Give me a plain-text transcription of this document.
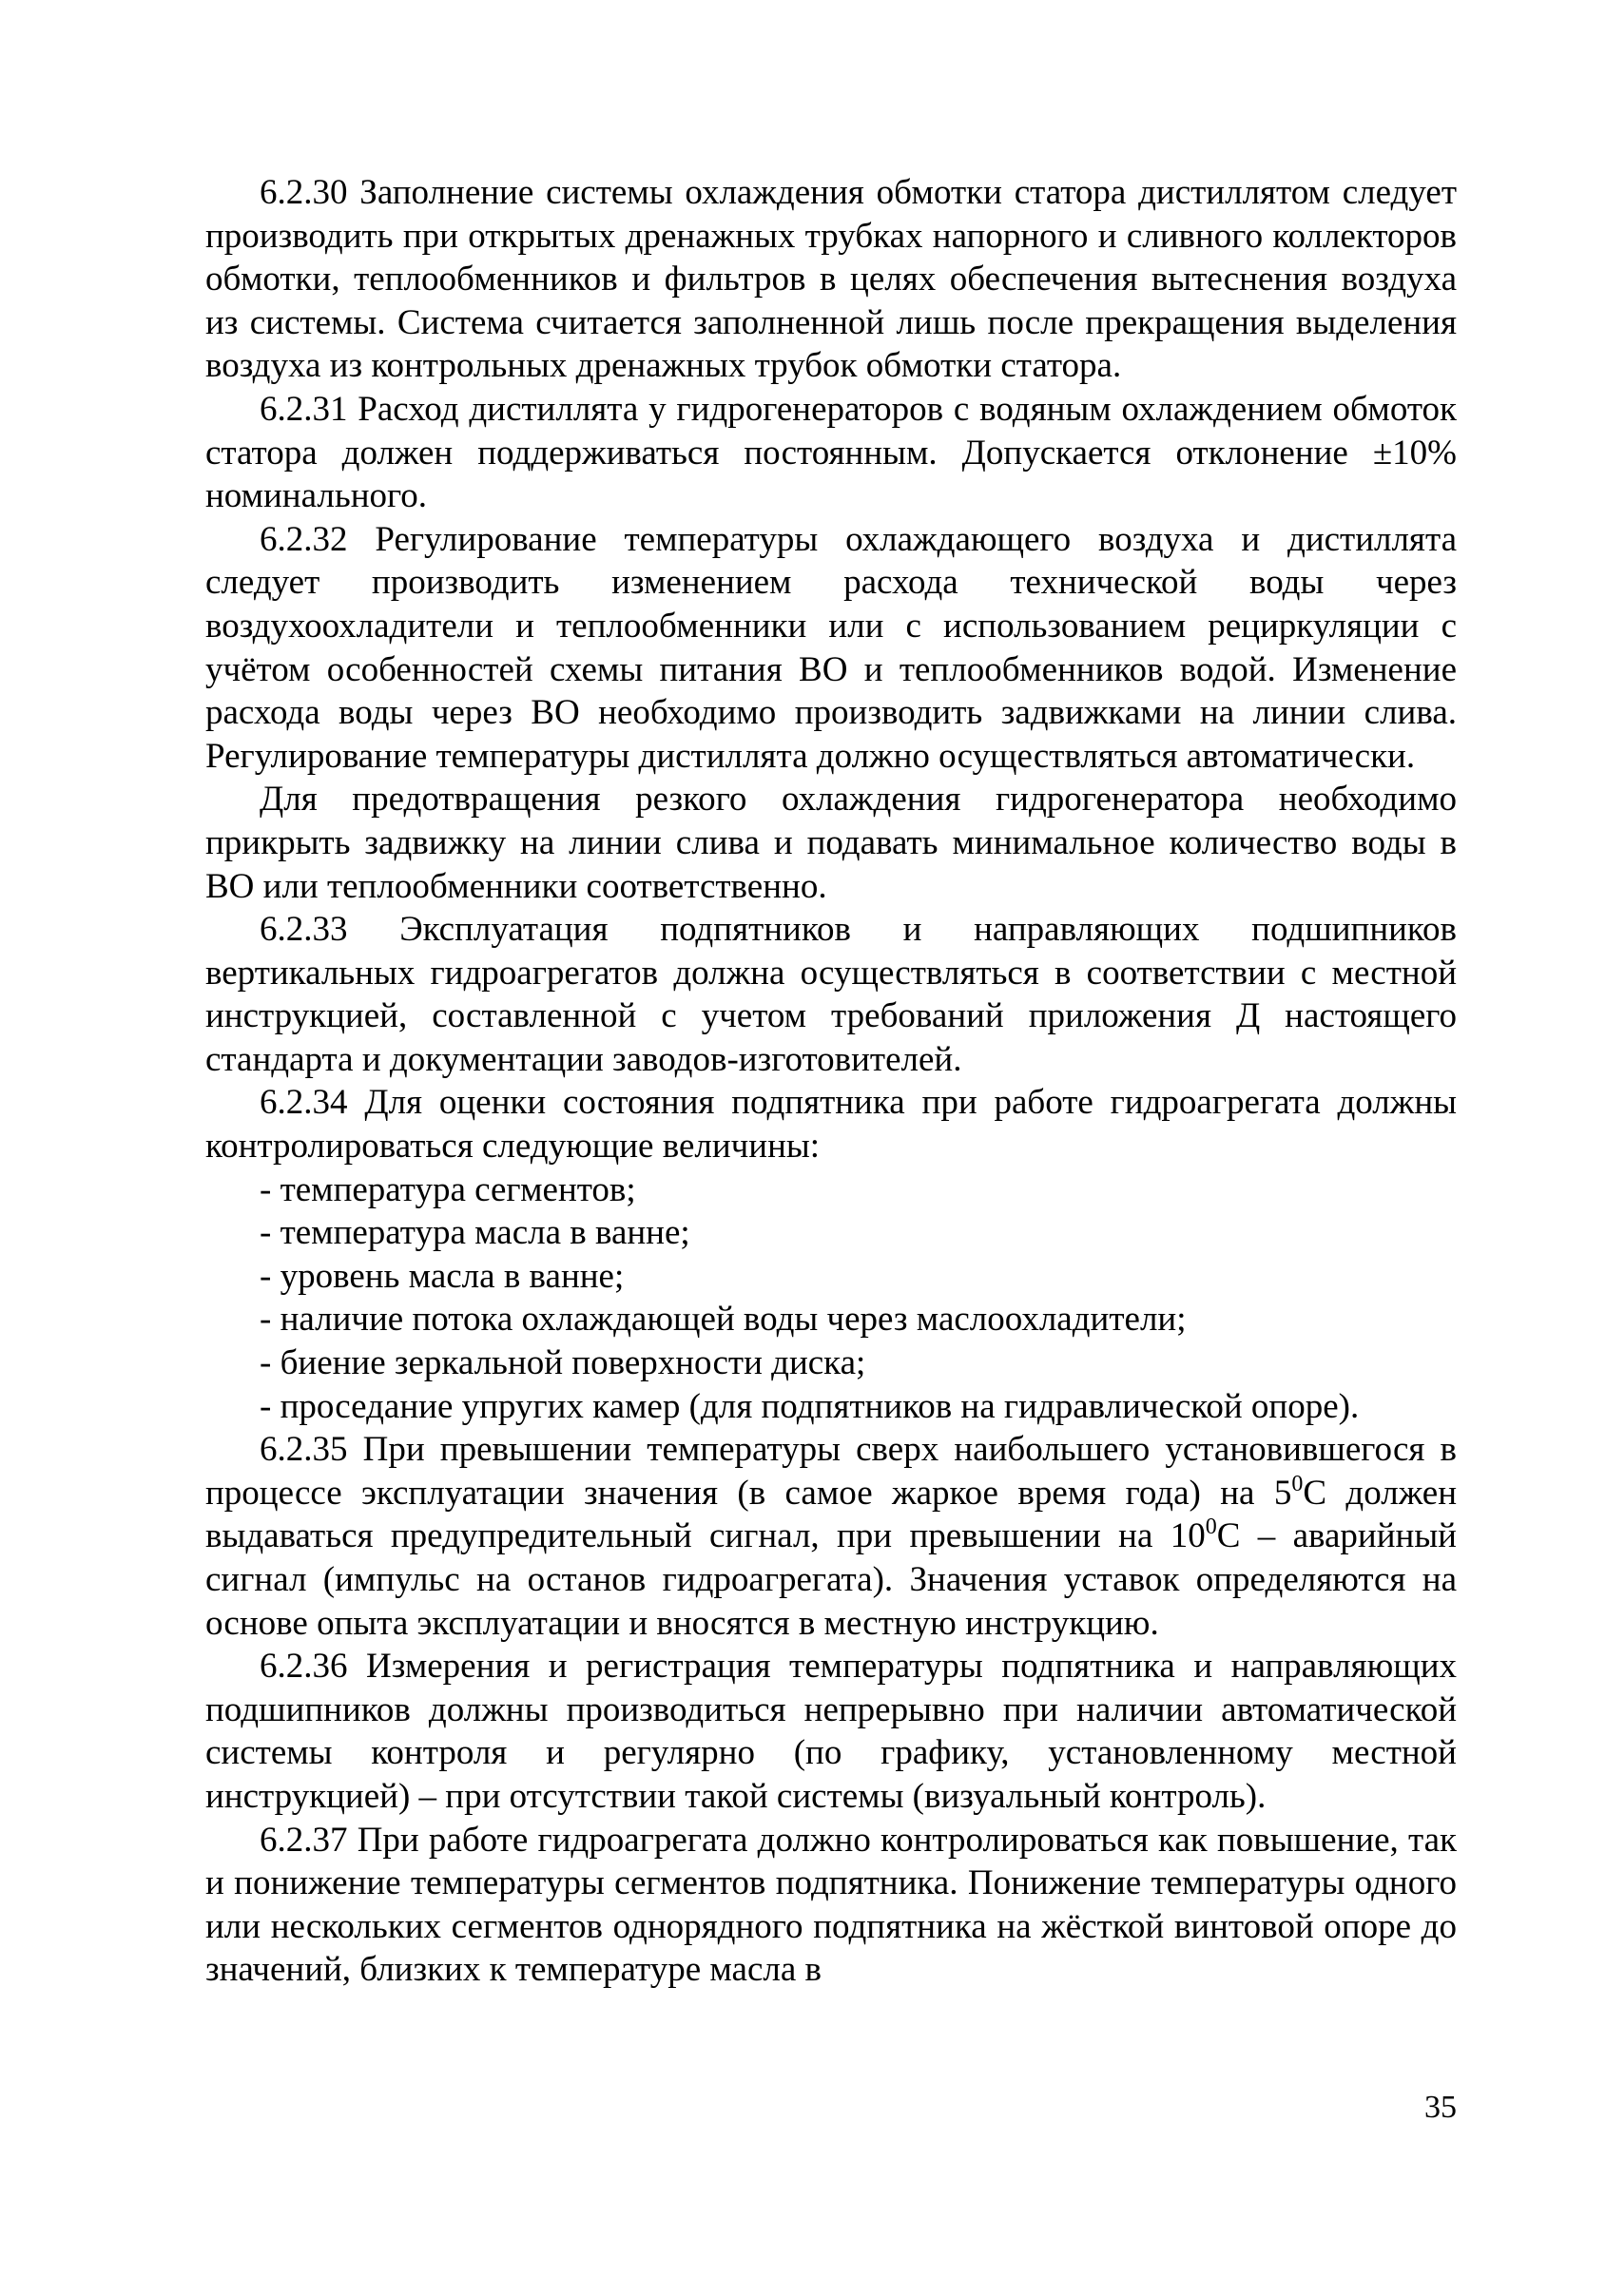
6.2.30 Заполнение системы охлаждения обмотки статора дистиллятом следует производить при открытых дренажных трубках напорного и сливного коллекторов обмотки, теплообменников и фильтров в целях обеспечения вытеснения воздуха из системы. Система считается заполненной лишь после прекращения выделения воздуха из контрольных дренажных трубок обмотки статора.

6.2.31 Расход дистиллята у гидрогенераторов с водяным охлаждением обмоток статора должен поддерживаться постоянным. Допускается отклонение ±10% номинального.

6.2.32 Регулирование температуры охлаждающего воздуха и дистиллята следует производить изменением расхода технической воды через воздухоохладители и теплообменники или с использованием рециркуляции с учётом особенностей схемы питания ВО и теплообменников водой. Изменение расхода воды через ВО необходимо производить задвижками на линии слива. Регулирование температуры дистиллята должно осуществляться автоматически.

Для предотвращения резкого охлаждения гидрогенератора необходимо прикрыть задвижку на линии слива и подавать минимальное количество воды в ВО или теплообменники соответственно.

6.2.33 Эксплуатация подпятников и направляющих подшипников вертикальных гидроагрегатов должна осуществляться в соответствии с местной инструкцией, составленной с учетом требований приложения Д настоящего стандарта и документации заводов-изготовителей.

6.2.34 Для оценки состояния подпятника при работе гидроагрегата должны контролироваться следующие величины:

- температура сегментов;
- температура масла в ванне;
- уровень масла в ванне;
- наличие потока охлаждающей воды через маслоохладители;
- биение зеркальной поверхности диска;
- проседание упругих камер (для подпятников на гидравлической опоре).

6.2.35 При превышении температуры сверх наибольшего установившегося в процессе эксплуатации значения (в самое жаркое время года) на $5^0С$ должен выдаваться предупредительный сигнал, при превышении на $10^0С$ – аварийный сигнал (импульс на останов гидроагрегата). Значения уставок определяются на основе опыта эксплуатации и вносятся в местную инструкцию.

6.2.36 Измерения и регистрация температуры подпятника и направляющих подшипников должны производиться непрерывно при наличии автоматической системы контроля и регулярно (по графику, установленному местной инструкцией) – при отсутствии такой системы (визуальный контроль).

6.2.37 При работе гидроагрегата должно контролироваться как повышение, так и понижение температуры сегментов подпятника. Понижение температуры одного или нескольких сегментов однорядного подпятника на жёсткой винтовой опоре до значений, близких к температуре масла в

35
